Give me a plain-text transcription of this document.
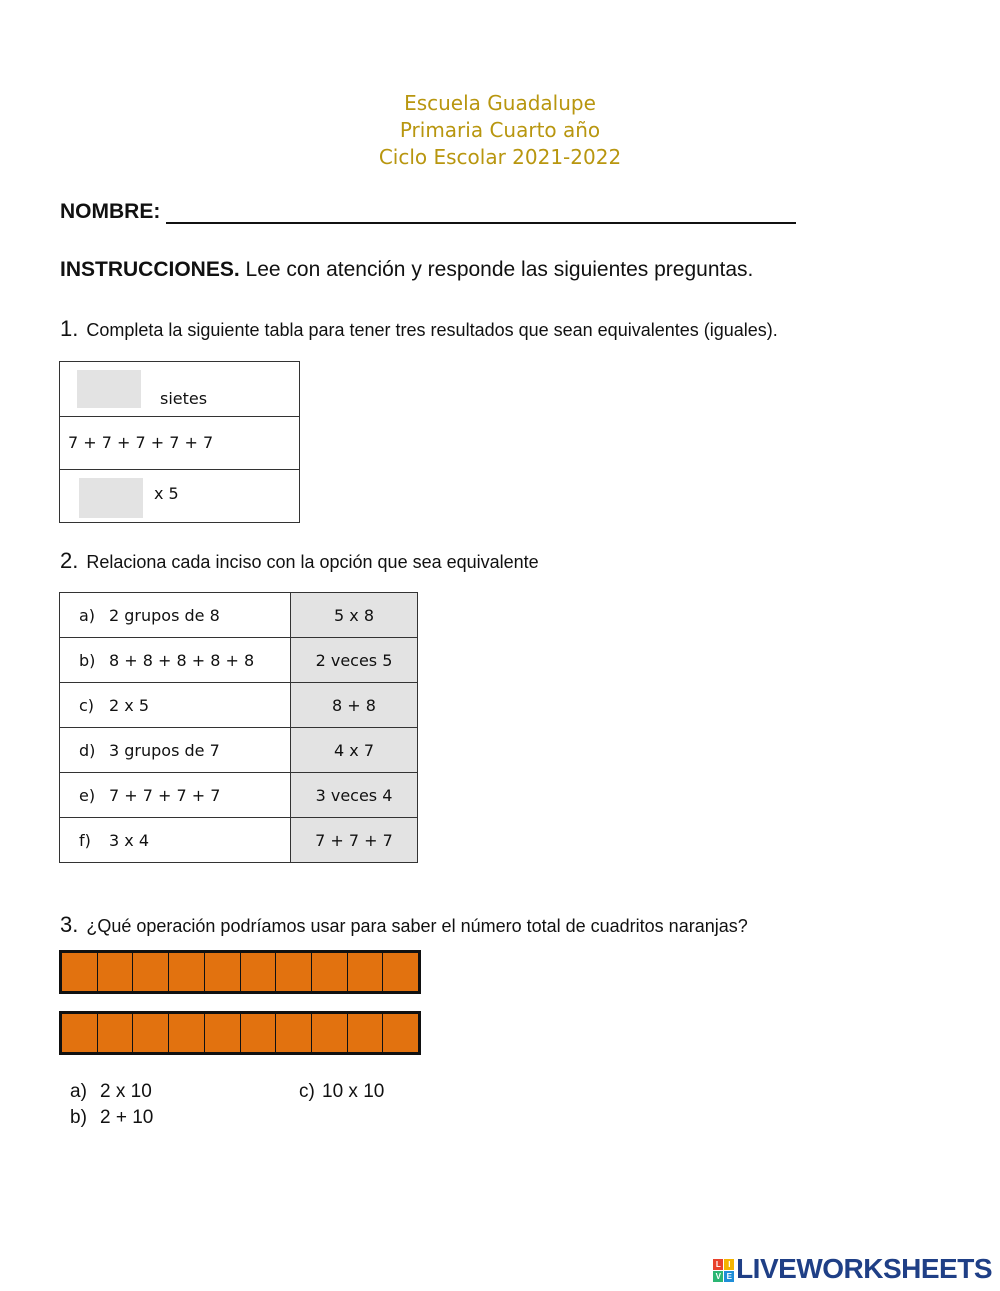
Escuela Guadalupe
Primaria Cuarto año
Ciclo Escolar 2021-2022
NOMBRE:
INSTRUCCIONES. Lee con atención y responde las siguientes preguntas.
1. Completa la siguiente tabla para tener tres resultados que sean equivalentes (iguales).
sietes
7 + 7 + 7 + 7 + 7
x 5
2. Relaciona cada inciso con la opción que sea equivalente
a) 2 grupos de 8	5 x 8
b) 8 + 8 + 8 + 8 + 8	2 veces 5
c) 2 x 5	8 + 8
d) 3 grupos de 7	4 x 7
e) 7 + 7 + 7 + 7	3 veces 4
f) 3 x 4	7 + 7 + 7
3. ¿Qué operación podríamos usar para saber el número total de cuadritos naranjas?
a) 2 x 10
b) 2 + 10
c) 10 x 10
L I
V E LIVEWORKSHEETS
